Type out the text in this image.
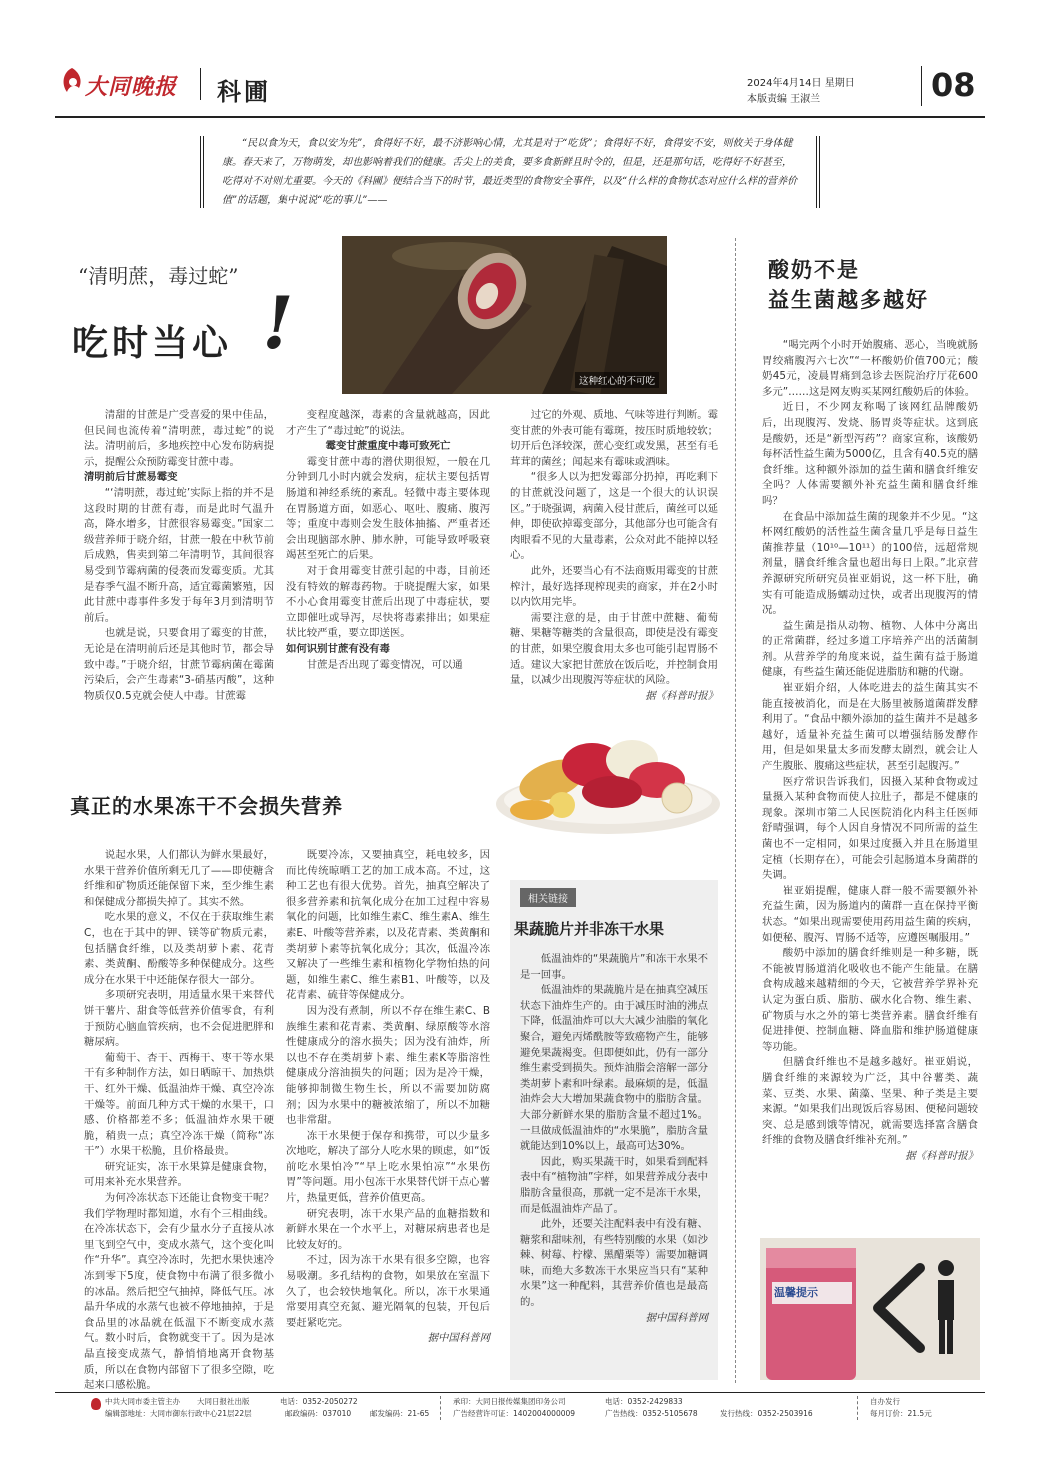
大同晚报 科圃	2024年4月14日 星期日
本版责编 王淑兰	08
“民以食为天，食以安为先”，食得好不好，最不济影响心情，尤其是对于“吃货”；食得好不好，食得安不安，则攸关于身体健康。春天来了，万物萌发，却也影响着我们的健康。舌尖上的美食，要多食新鲜且时令的，但是，还是那句话，吃得好不好甚至，吃得对不对则尤重要。今天的《科圃》便结合当下的时节，最近类型的食物安全事件，以及“什么样的食物状态对应什么样的营养价值”的话题，集中说说“吃的事儿”——
“清明蔗，毒过蛇”
吃时当心 !
这种红心的不可吃

清甜的甘蔗是广受喜爱的果中佳品，但民间也流传着“清明蔗，毒过蛇”的说法。清明前后，多地疾控中心发布防病提示，提醒公众预防霉变甘蔗中毒。

清明前后甘蔗易霉变

“‘清明蔗，毒过蛇’实际上指的并不是这段时期的甘蔗有毒，而是此时气温升高，降水增多，甘蔗很容易霉变。”国家二级营养师于晓介绍，甘蔗一般在中秋节前后成熟，售卖到第二年清明节，其间很容易受到节霉病菌的侵袭而发霉变质。尤其是春季气温不断升高，适宜霉菌繁殖，因此甘蔗中毒事件多发于每年3月到清明节前后。

也就是说，只要食用了霉变的甘蔗，无论是在清明前后还是其他时节，都会导致中毒。”于晓介绍，甘蔗节霉病菌在霉菌污染后，会产生毒素“3-硝基丙酸”，这种物质仅0.5克就会使人中毒。甘蔗霉

变程度越深，毒素的含量就越高，因此才产生了“毒过蛇”的说法。

霉变甘蔗重度中毒可致死亡

霉变甘蔗中毒的潜伏期很短，一般在几分钟到几小时内就会发病，症状主要包括胃肠道和神经系统的紊乱。轻微中毒主要体现在胃肠道方面，如恶心、呕吐、腹痛、腹泻等；重度中毒则会发生肢体抽搐、严重者还会出现脑部水肿、肺水肿，可能导致呼吸衰竭甚至死亡的后果。

对于食用霉变甘蔗引起的中毒，目前还没有特效的解毒药物。于晓提醒大家，如果不小心食用霉变甘蔗后出现了中毒症状，要立即催吐或导泻，尽快将毒素排出；如果症状比较严重，要立即送医。

如何识别甘蔗有没有毒

甘蔗是否出现了霉变情况，可以通

过它的外观、质地、气味等进行判断。霉变甘蔗的外表可能有霉斑，按压时质地较软；切开后色泽较深，蔗心变红或发黑，甚至有毛茸茸的菌丝；闻起来有霉味或酒味。

“很多人以为把发霉部分扔掉，再吃剩下的甘蔗就没问题了，这是一个很大的认识误区。”于晓强调，病菌入侵甘蔗后，菌丝可以延伸，即使砍掉霉变部分，其他部分也可能含有肉眼看不见的大量毒素，公众对此不能掉以轻心。

此外，还要当心有不法商贩用霉变的甘蔗榨汁，最好选择现榨现卖的商家，并在2小时以内饮用完毕。

需要注意的是，由于甘蔗中蔗糖、葡萄糖、果糖等糖类的含量很高，即使是没有霉变的甘蔗，如果空腹食用太多也可能引起胃肠不适。建议大家把甘蔗放在饭后吃，并控制食用量，以减少出现腹泻等症状的风险。

据《科普时报》

真正的水果冻干不会损失营养

说起水果，人们都认为鲜水果最好，水果干营养价值所剩无几了——即使糖含纤维和矿物质还能保留下来，至少维生素和保健成分都损失掉了。其实不然。

吃水果的意义，不仅在于获取维生素C，也在于其中的钾、镁等矿物质元素，包括膳食纤维，以及类胡萝卜素、花青素、类黄酮、酚酸等多种保健成分。这些成分在水果干中还能保存很大一部分。

多项研究表明，用适量水果干来替代饼干薯片、甜食等低营养价值零食，有利于预防心脑血管疾病，也不会促进肥胖和糖尿病。

葡萄干、杏干、西梅干、枣干等水果干有多种制作方法，如日晒晾干、加热烘干、红外干燥、低温油炸干燥、真空冷冻干燥等。前面几种方式干燥的水果干，口感、价格都差不多；低温油炸水果干硬脆，稍贵一点；真空冷冻干燥（简称“冻干”）水果干松脆，且价格最贵。

研究证实，冻干水果算是健康食物，可用来补充水果营养。

为何冷冻状态下还能让食物变干呢？我们学物理时都知道，水有个三相曲线。在冷冻状态下，会有少量水分子直接从冰里飞到空气中，变成水蒸气，这个变化叫作“升华”。真空冷冻时，先把水果快速冷冻到零下5度，使食物中布满了很多微小的冰晶。然后把空气抽掉，降低气压。冰晶升华成的水蒸气也被不停地抽掉，于是食品里的冰晶就在低温下不断变成水蒸气。数小时后，食物就变干了。因为是冰晶直接变成蒸气，静悄悄地离开食物基质，所以在食物内部留下了很多空隙，吃起来口感松脆。

既要冷冻，又要抽真空，耗电较多，因而比传统晾晒工艺的加工成本高。不过，这种工艺也有很大优势。首先，抽真空解决了很多营养素和抗氧化成分在加工过程中容易氧化的问题，比如维生素C、维生素A、维生素E、叶酸等营养素，以及花青素、类黄酮和类胡萝卜素等抗氧化成分；其次，低温冷冻又解决了一些维生素和植物化学物怕热的问题，如维生素C、维生素B1、叶酸等，以及花青素、硫苷等保健成分。

因为没有煮制，所以不存在维生素C、B族维生素和花青素、类黄酮、绿原酸等水溶性健康成分的溶水损失；因为没有油炸，所以也不存在类胡萝卜素、维生素K等脂溶性健康成分溶油损失的问题；因为是冷干燥，能够抑制微生物生长，所以不需要加防腐剂；因为水果中的糖被浓缩了，所以不加糖也非常甜。

冻干水果便于保存和携带，可以少量多次地吃，解决了部分人吃水果的顾虑，如“饭前吃水果怕冷”“早上吃水果怕凉”“水果伤胃”等问题。用小包冻干水果替代饼干点心薯片，热量更低，营养价值更高。

研究表明，冻干水果产品的血糖指数和新鲜水果在一个水平上，对糖尿病患者也是比较友好的。

不过，因为冻干水果有很多空隙，也容易吸潮。多孔结构的食物，如果放在室温下久了，也会较快地氧化。所以，冻干水果通常要用真空充氮、避光隔氧的包装，开包后要赶紧吃完。

据中国科普网

相关链接
果蔬脆片并非冻干水果

低温油炸的“果蔬脆片”和冻干水果不是一回事。

低温油炸的果蔬脆片是在抽真空减压状态下油炸生产的。由于减压时油的沸点下降，低温油炸可以大大减少油脂的氧化聚合，避免丙烯酰胺等致癌物产生，能够避免果蔬褐变。但即便如此，仍有一部分维生素受到损失。预炸油脂会溶解一部分类胡萝卜素和叶绿素。最麻烦的是，低温油炸会大大增加果蔬食物中的脂肪含量。大部分新鲜水果的脂肪含量不超过1%。一旦做成低温油炸的“水果脆”，脂肪含量就能达到10%以上，最高可达30%。

因此，购买果蔬干时，如果看到配料表中有“植物油”字样，如果营养成分表中脂肪含量很高，那就一定不是冻干水果，而是低温油炸产品了。

此外，还要关注配料表中有没有糖、糖浆和甜味剂，有些特别酸的水果（如沙棘、树莓、柠檬、黑醋栗等）需要加糖调味，而绝大多数冻干水果应当只有“某种水果”这一种配料，其营养价值也是最高的。

据中国科普网

酸奶不是
益生菌越多越好

“喝完两个小时开始腹痛、恶心，当晚就肠胃绞痛腹泻六七次”“一杯酸奶价值700元；酸奶45元，凌晨胃痛到急诊去医院治疗厅花600多元”……这是网友购买某网红酸奶后的体验。

近日，不少网友称喝了该网红品牌酸奶后，出现腹泻、发烧、肠胃炎等症状。这到底是酸奶，还是“新型泻药”？商家宣称，该酸奶每杯活性益生菌为5000亿，且含有40.5克的膳食纤维。这种额外添加的益生菌和膳食纤维安全吗？人体需要额外补充益生菌和膳食纤维吗？

在食品中添加益生菌的现象并不少见。“这杯网红酸奶的活性益生菌含量几乎是每日益生菌推荐量（10¹⁰—10¹¹）的100倍，远超常规剂量，膳食纤维含量也超出每日上限。”北京营养源研究所研究员崔亚娟说，这一杯下肚，确实有可能造成肠蠕动过快，或者出现腹泻的情况。

益生菌是指从动物、植物、人体中分离出的正常菌群，经过多道工序培养产出的活菌制剂。从营养学的角度来说，益生菌有益于肠道健康，有些益生菌还能促进脂肪和糖的代谢。

崔亚娟介绍，人体吃进去的益生菌其实不能直接被消化，而是在大肠里被肠道菌群发酵利用了。“食品中额外添加的益生菌并不是越多越好，适量补充益生菌可以增强结肠发酵作用，但是如果量太多而发酵太剧烈，就会让人产生腹胀、腹痛这些症状，甚至引起腹泻。”

医疗常识告诉我们，因摄入某种食物或过量摄入某种食物而使人拉肚子，都是不健康的现象。深圳市第二人民医院消化内科主任医师舒晴强调，每个人因自身情况不同所需的益生菌也不一定相同，如果过度摄入并且在肠道里定植（长期存在），可能会引起肠道本身菌群的失调。

崔亚娟提醒，健康人群一般不需要额外补充益生菌，因为肠道内的菌群一直在保持平衡状态。“如果出现需要使用药用益生菌的疾病，如便秘、腹泻、胃肠不适等，应遵医嘱服用。”

酸奶中添加的膳食纤维则是一种多糖，既不能被胃肠道消化吸收也不能产生能量。在膳食构成越来越精细的今天，它被营养学界补充认定为蛋白质、脂肪、碳水化合物、维生素、矿物质与水之外的第七类营养素。膳食纤维有促进排便、控制血糖、降血脂和维护肠道健康等功能。

但膳食纤维也不是越多越好。崔亚娟说，膳食纤维的来源较为广泛，其中谷薯类、蔬菜、豆类、水果、菌藻、坚果、种子类是主要来源。“如果我们出现饭后容易困、便秘问题较突、总是感到饿等情况，就需要选择富含膳食纤维的食物及膳食纤维补充剂。”

据《科普时报》

温馨提示
中共大同市委主管主办
编辑部地址：大同市御东行政中心21层22层
大同日报社出版
邮政编码：037010
电话：0352-2050272
邮发编码：21-65
承印：大同日报传媒集团印务公司
广告经营许可证：1402004000009
电话：0352-2429833
广告热线：0352-5105678	发行热线：0352-2503916
自办发行
每月订价：21.5元
